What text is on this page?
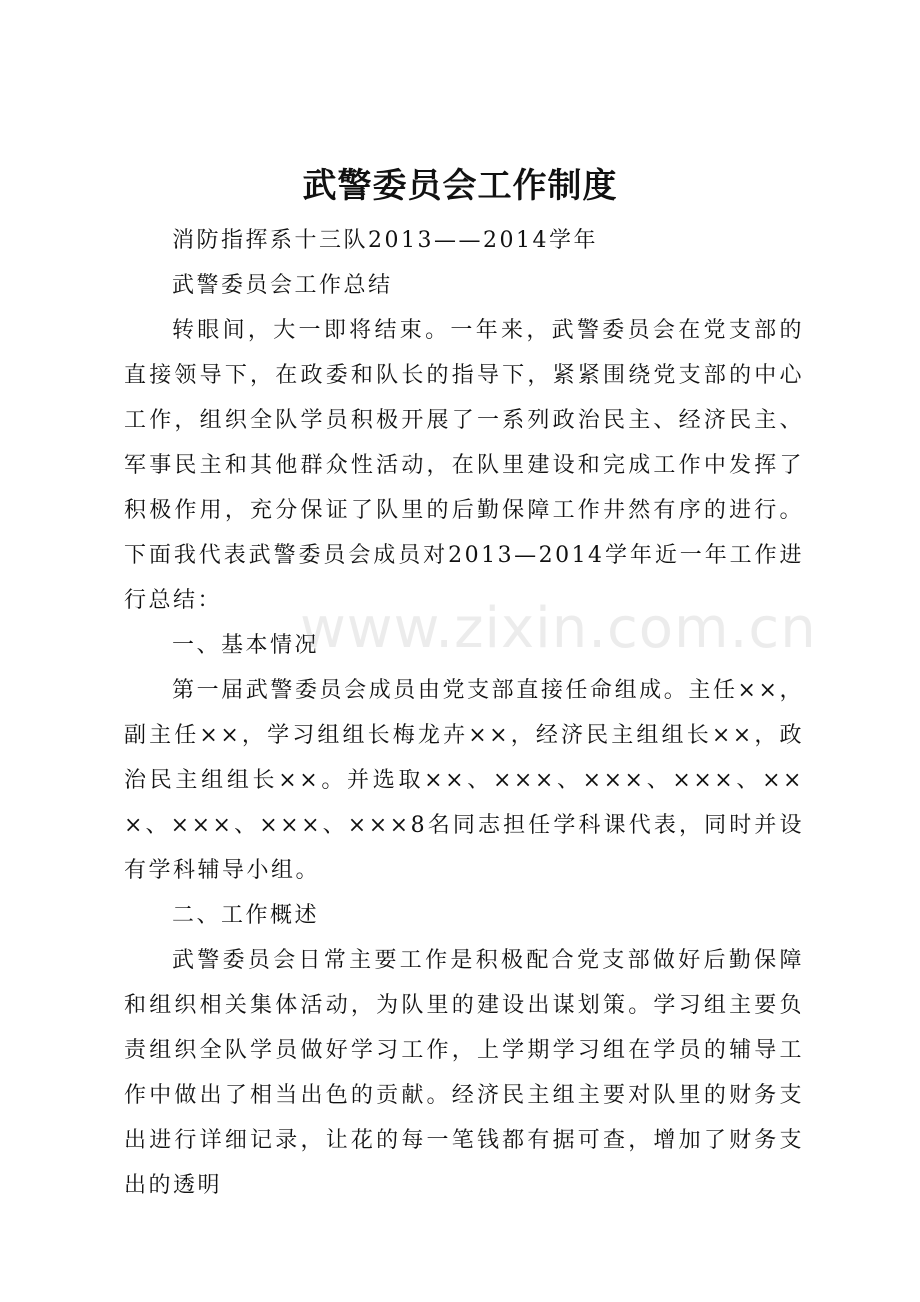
武警委员会工作制度

消防指挥系十三队2013——2014学年

武警委员会工作总结

转眼间，大一即将结束。一年来，武警委员会在党支部的直接领导下，在政委和队长的指导下，紧紧围绕党支部的中心工作，组织全队学员积极开展了一系列政治民主、经济民主、军事民主和其他群众性活动，在队里建设和完成工作中发挥了积极作用，充分保证了队里的后勤保障工作井然有序的进行。下面我代表武警委员会成员对2013—2014学年近一年工作进行总结：

一、基本情况

第一届武警委员会成员由党支部直接任命组成。主任××，副主任××，学习组组长梅龙卉××，经济民主组组长××，政治民主组组长××。并选取××、×××、×××、×××、×××、×××、×××、×××8名同志担任学科课代表，同时并设有学科辅导小组。

二、工作概述

武警委员会日常主要工作是积极配合党支部做好后勤保障和组织相关集体活动，为队里的建设出谋划策。学习组主要负责组织全队学员做好学习工作，上学期学习组在学员的辅导工作中做出了相当出色的贡献。经济民主组主要对队里的财务支出进行详细记录，让花的每一笔钱都有据可查，增加了财务支出的透明

www.zixin.com.cn
